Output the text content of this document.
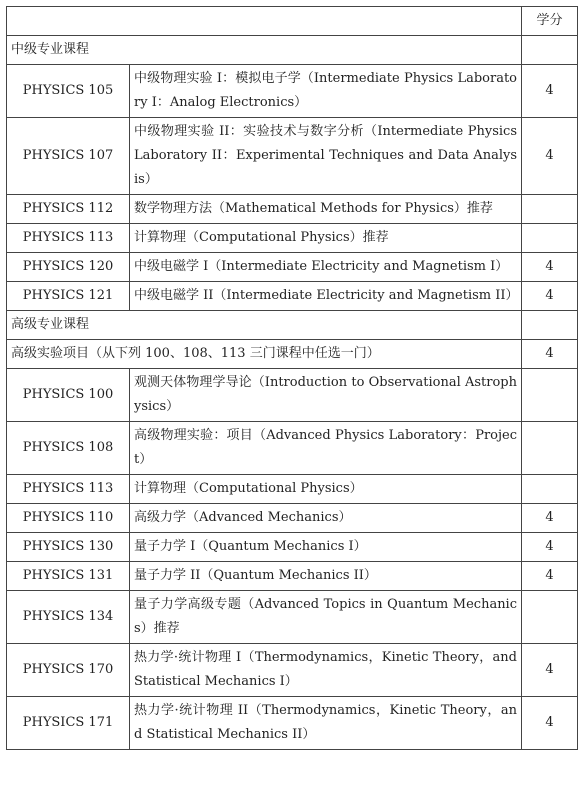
		学分
中级专业课程		
PHYSICS 105	中级物理实验 I：模拟电子学（Intermediate Physics Laboratory I：Analog Electronics）	4
PHYSICS 107	中级物理实验 II：实验技术与数字分析（Intermediate Physics Laboratory II：Experimental Techniques and Data Analysis）	4
PHYSICS 112	数学物理方法（Mathematical Methods for Physics）推荐	
PHYSICS 113	计算物理（Computational Physics）推荐	
PHYSICS 120	中级电磁学 I（Intermediate Electricity and Magnetism I）	4
PHYSICS 121	中级电磁学 II（Intermediate Electricity and Magnetism II）	4
高级专业课程		
高级实验项目（从下列 100、108、113 三门课程中任选一门）		4
PHYSICS 100	观测天体物理学导论（Introduction to Observational Astrophysics）	
PHYSICS 108	高级物理实验：项目（Advanced Physics Laboratory：Project）	
PHYSICS 113	计算物理（Computational Physics）	
PHYSICS 110	高级力学（Advanced Mechanics）	4
PHYSICS 130	量子力学 I（Quantum Mechanics I）	4
PHYSICS 131	量子力学 II（Quantum Mechanics II）	4
PHYSICS 134	量子力学高级专题（Advanced Topics in Quantum Mechanics）推荐	
PHYSICS 170	热力学·统计物理 I（Thermodynamics，Kinetic Theory，and Statistical Mechanics I）	4
PHYSICS 171	热力学·统计物理 II（Thermodynamics，Kinetic Theory，and Statistical Mechanics II）	4
